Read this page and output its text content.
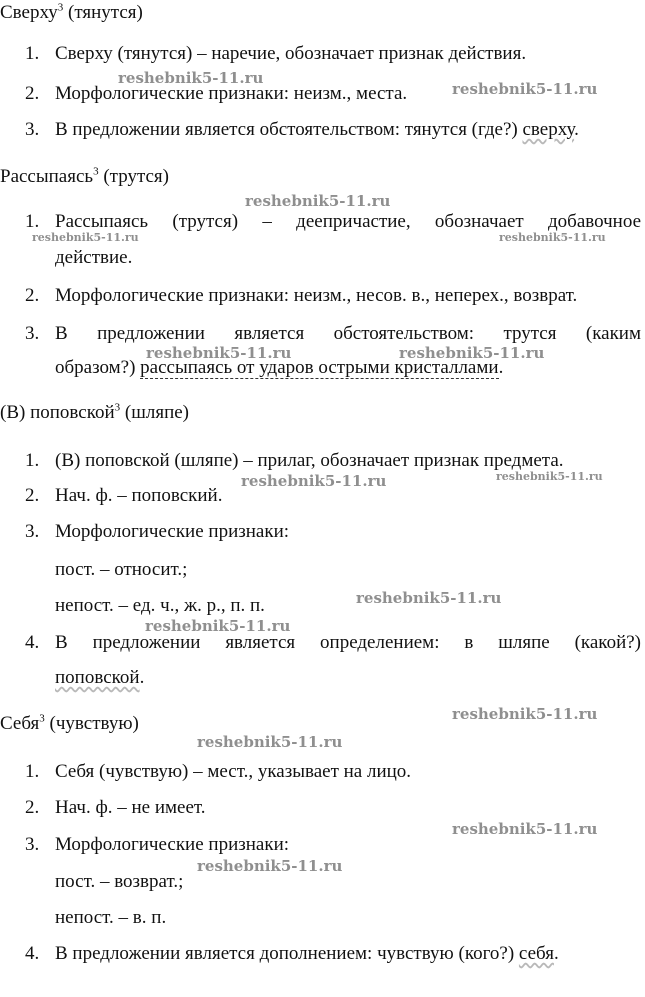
Сверху$^3$ (тянутся)
1. Сверху (тянутся) – наречие, обозначает признак действия.
2. Морфологические признаки: неизм., места.
3. В предложении является обстоятельством: тянутся (где?) сверху.
Рассыпаясь$^3$ (трутся)
1. Рассыпаясь (трутся) – деепричастие, обозначает добавочное
действие.
2. Морфологические признаки: неизм., несов. в., неперех., возврат.
3. В предложении является обстоятельством: трутся (каким
образом?) рассыпаясь от ударов острыми кристаллами.
(В) поповской$^3$ (шляпе)
1. (В) поповской (шляпе) – прилаг, обозначает признак предмета.
2. Нач. ф. – поповский.
3. Морфологические признаки:
пост. – относит.;
непост. – ед. ч., ж. р., п. п.
4. В предложении является определением: в шляпе (какой?)
поповской.
Себя$^3$ (чувствую)
1. Себя (чувствую) – мест., указывает на лицо.
2. Нач. ф. – не имеет.
3. Морфологические признаки:
пост. – возврат.;
непост. – в. п.
4. В предложении является дополнением: чувствую (кого?) себя.
reshebnik5-11.ru
reshebnik5-11.ru
reshebnik5-11.ru
reshebnik5-11.ru	reshebnik5-11.ru
reshebnik5-11.ru	reshebnik5-11.ru
reshebnik5-11.ru	reshebnik5-11.ru
reshebnik5-11.ru
reshebnik5-11.ru
reshebnik5-11.ru
reshebnik5-11.ru
reshebnik5-11.ru
reshebnik5-11.ru
